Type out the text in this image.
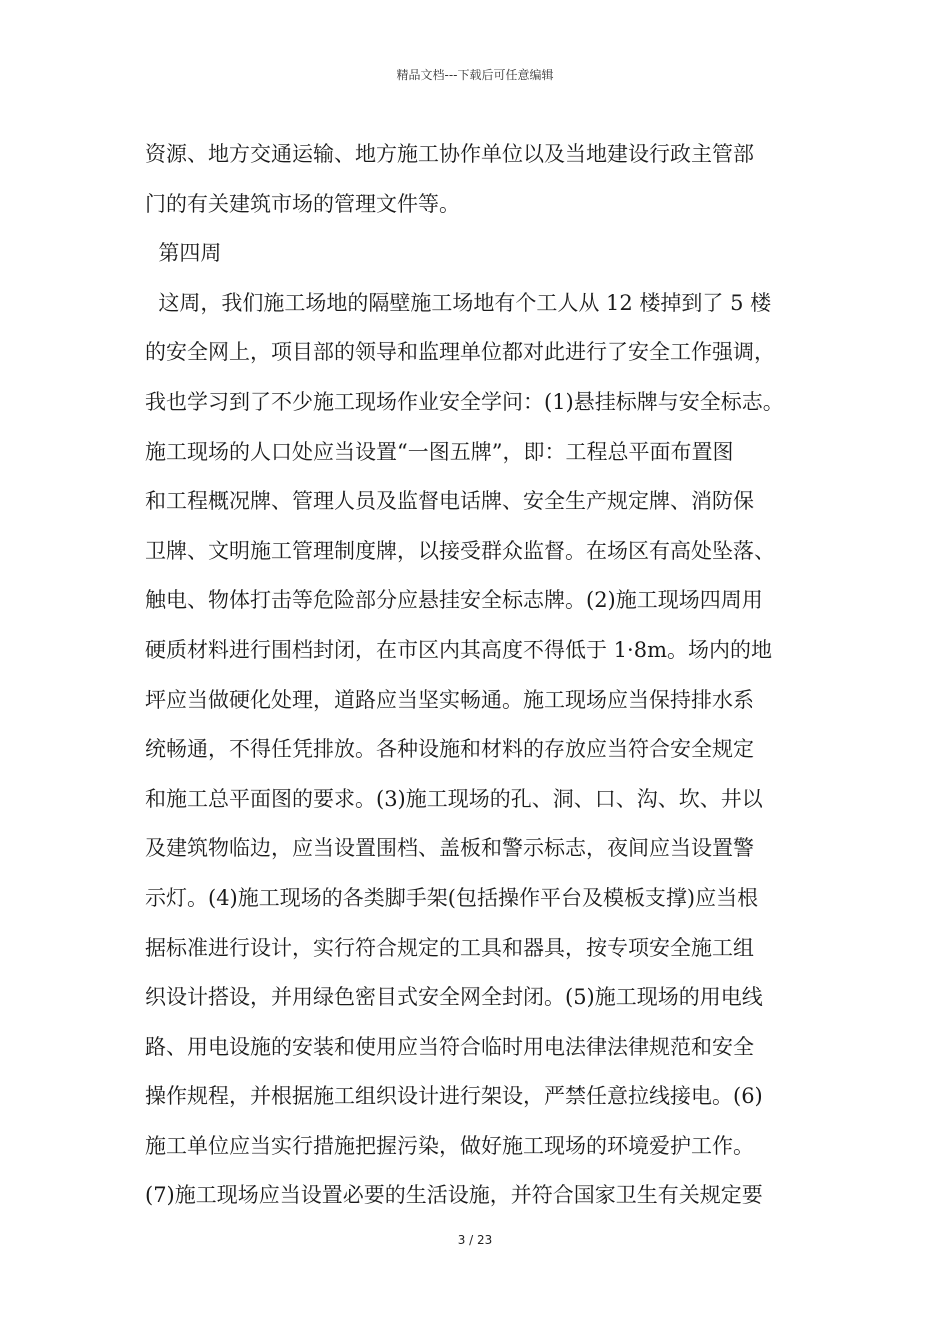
精品文档---下载后可任意编辑
资源、地方交通运输、地方施工协作单位以及当地建设行政主管部
门的有关建筑市场的管理文件等。
第四周
这周，我们施工场地的隔壁施工场地有个工人从 12 楼掉到了 5 楼
的安全网上，项目部的领导和监理单位都对此进行了安全工作强调，
我也学习到了不少施工现场作业安全学问：(1)悬挂标牌与安全标志。
施工现场的人口处应当设置“一图五牌”，即：工程总平面布置图
和工程概况牌、管理人员及监督电话牌、安全生产规定牌、消防保
卫牌、文明施工管理制度牌，以接受群众监督。在场区有高处坠落、
触电、物体打击等危险部分应悬挂安全标志牌。(2)施工现场四周用
硬质材料进行围档封闭，在市区内其高度不得低于 1·8m。场内的地
坪应当做硬化处理，道路应当坚实畅通。施工现场应当保持排水系
统畅通，不得任凭排放。各种设施和材料的存放应当符合安全规定
和施工总平面图的要求。(3)施工现场的孔、洞、口、沟、坎、井以
及建筑物临边，应当设置围档、盖板和警示标志，夜间应当设置警
示灯。(4)施工现场的各类脚手架(包括操作平台及模板支撑)应当根
据标准进行设计，实行符合规定的工具和器具，按专项安全施工组
织设计搭设，并用绿色密目式安全网全封闭。(5)施工现场的用电线
路、用电设施的安装和使用应当符合临时用电法律法律规范和安全
操作规程，并根据施工组织设计进行架设，严禁任意拉线接电。(6)
施工单位应当实行措施把握污染，做好施工现场的环境爱护工作。
(7)施工现场应当设置必要的生活设施，并符合国家卫生有关规定要
3 / 23
